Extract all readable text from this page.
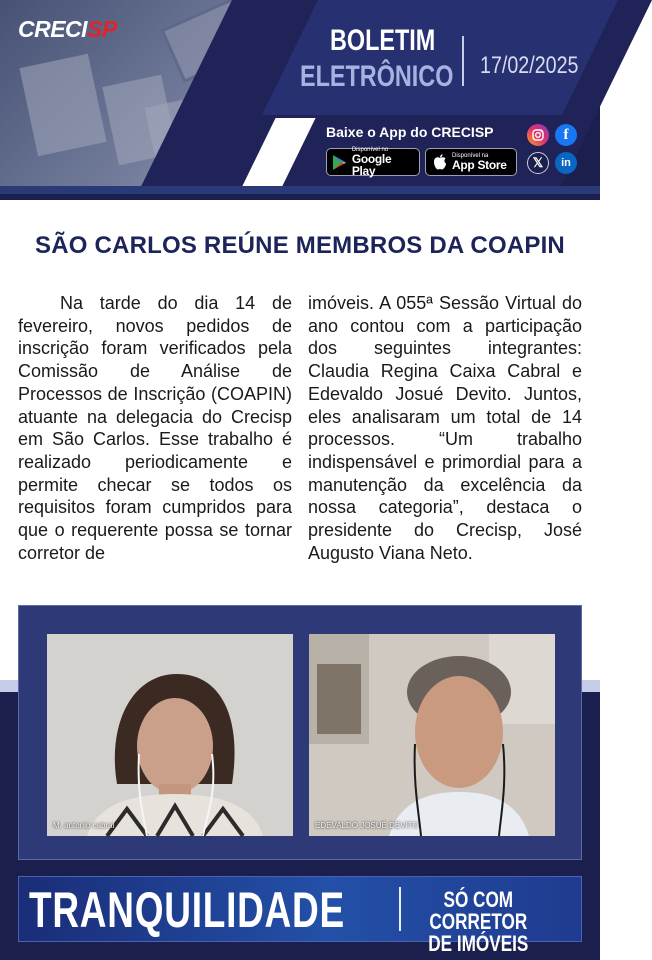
CRECISP	BOLETIM
ELETRÔNICO 17/02/2025
Baixe o App do CRECISP
Disponível no
Google Play
Disponível na
App Store
f
𝕏	in
SÃO CARLOS REÚNE MEMBROS DA COAPIN

Na tarde do dia 14 de fevereiro, novos pedidos de inscrição foram verificados pela Comissão de Análise de Processos de Inscrição (COAPIN) atuante na delegacia do Crecisp em São Carlos. Esse trabalho é realizado periodicamente e permite checar se todos os requisitos foram cumpridos para que o requerente possa se tornar corretor de

imóveis. A 055ª Sessão Virtual do ano contou com a participação dos seguintes integrantes: Claudia Regina Caixa Cabral e Edevaldo Josué Devito. Juntos, eles analisaram um total de 14 processos. “Um trabalho indispensável e primordial para a manutenção da excelência da nossa categoria”, destaca o presidente do Crecisp, José Augusto Viana Neto.

M. antonio cabral	EDEVALDO JOSUÉ DEVITO
TRANQUILIDADE	SÓ COM CORRETOR
DE IMÓVEIS
